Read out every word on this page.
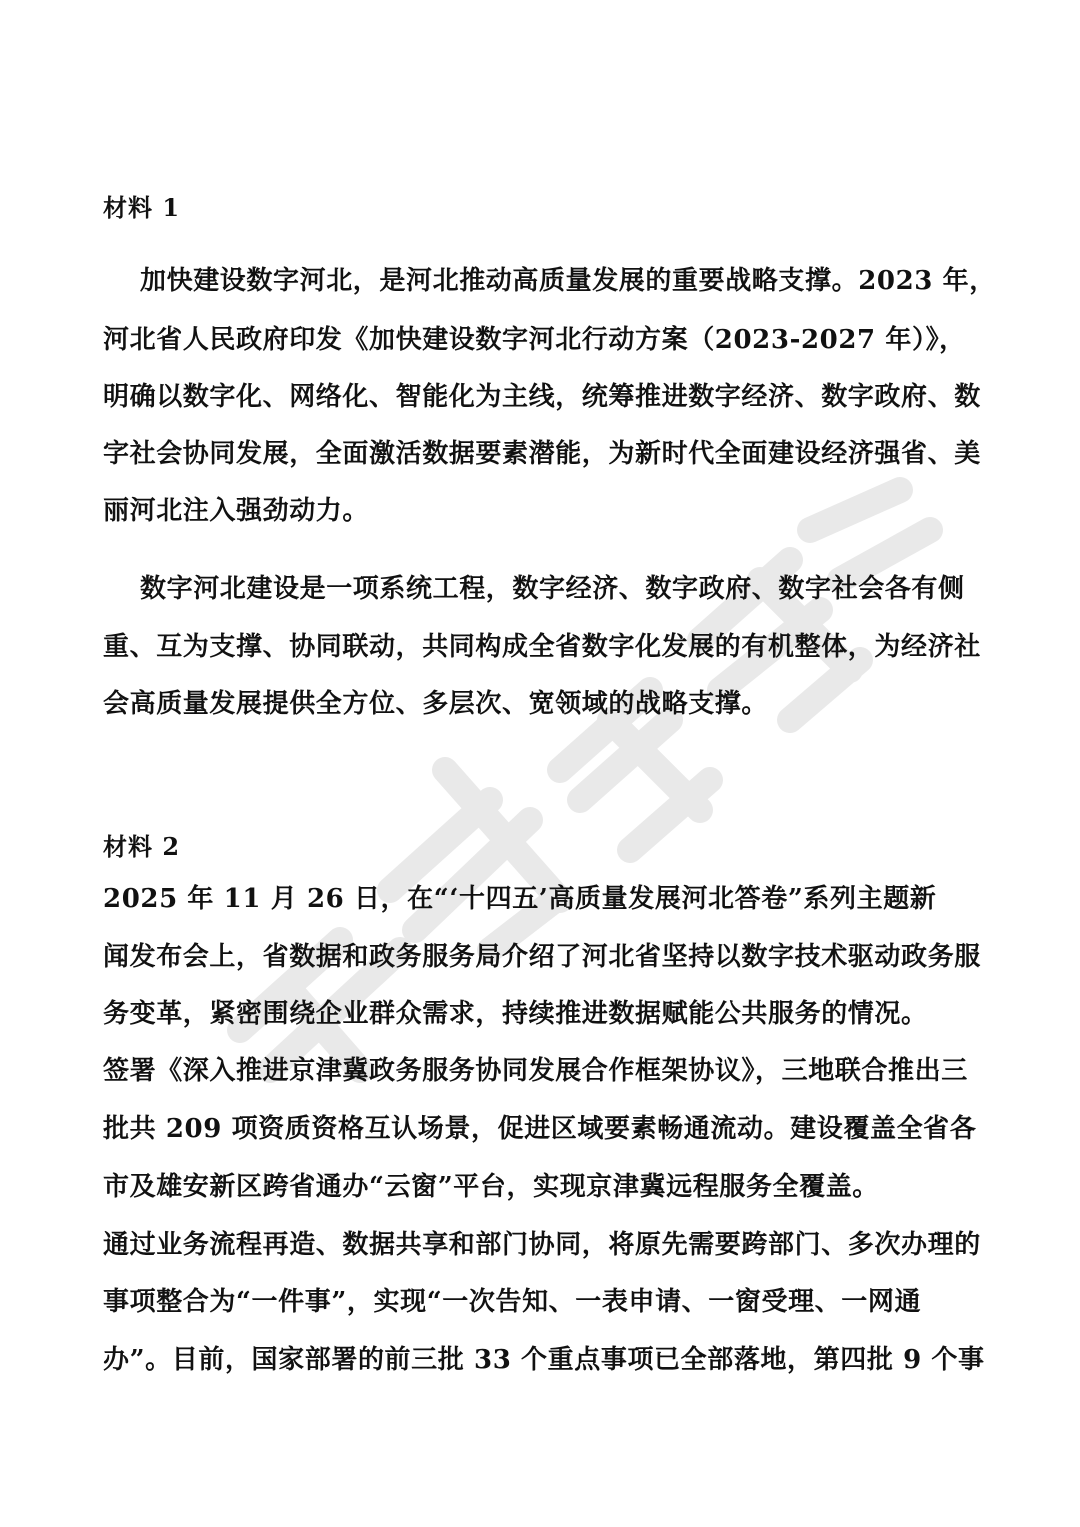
材料 1
加快建设数字河北，是河北推动高质量发展的重要战略支撑。2023 年，
河北省人民政府印发《加快建设数字河北行动方案（2023-2027 年）》，
明确以数字化、网络化、智能化为主线，统筹推进数字经济、数字政府、数
字社会协同发展，全面激活数据要素潜能，为新时代全面建设经济强省、美
丽河北注入强劲动力。
数字河北建设是一项系统工程，数字经济、数字政府、数字社会各有侧
重、互为支撑、协同联动，共同构成全省数字化发展的有机整体，为经济社
会高质量发展提供全方位、多层次、宽领域的战略支撑。
材料 2
2025 年 11 月 26 日，在“‘十四五’高质量发展河北答卷”系列主题新
闻发布会上，省数据和政务服务局介绍了河北省坚持以数字技术驱动政务服
务变革，紧密围绕企业群众需求，持续推进数据赋能公共服务的情况。
签署《深入推进京津冀政务服务协同发展合作框架协议》，三地联合推出三
批共 209 项资质资格互认场景，促进区域要素畅通流动。建设覆盖全省各
市及雄安新区跨省通办“云窗”平台，实现京津冀远程服务全覆盖。
通过业务流程再造、数据共享和部门协同，将原先需要跨部门、多次办理的
事项整合为“一件事”，实现“一次告知、一表申请、一窗受理、一网通
办”。目前，国家部署的前三批 33 个重点事项已全部落地，第四批 9 个事
